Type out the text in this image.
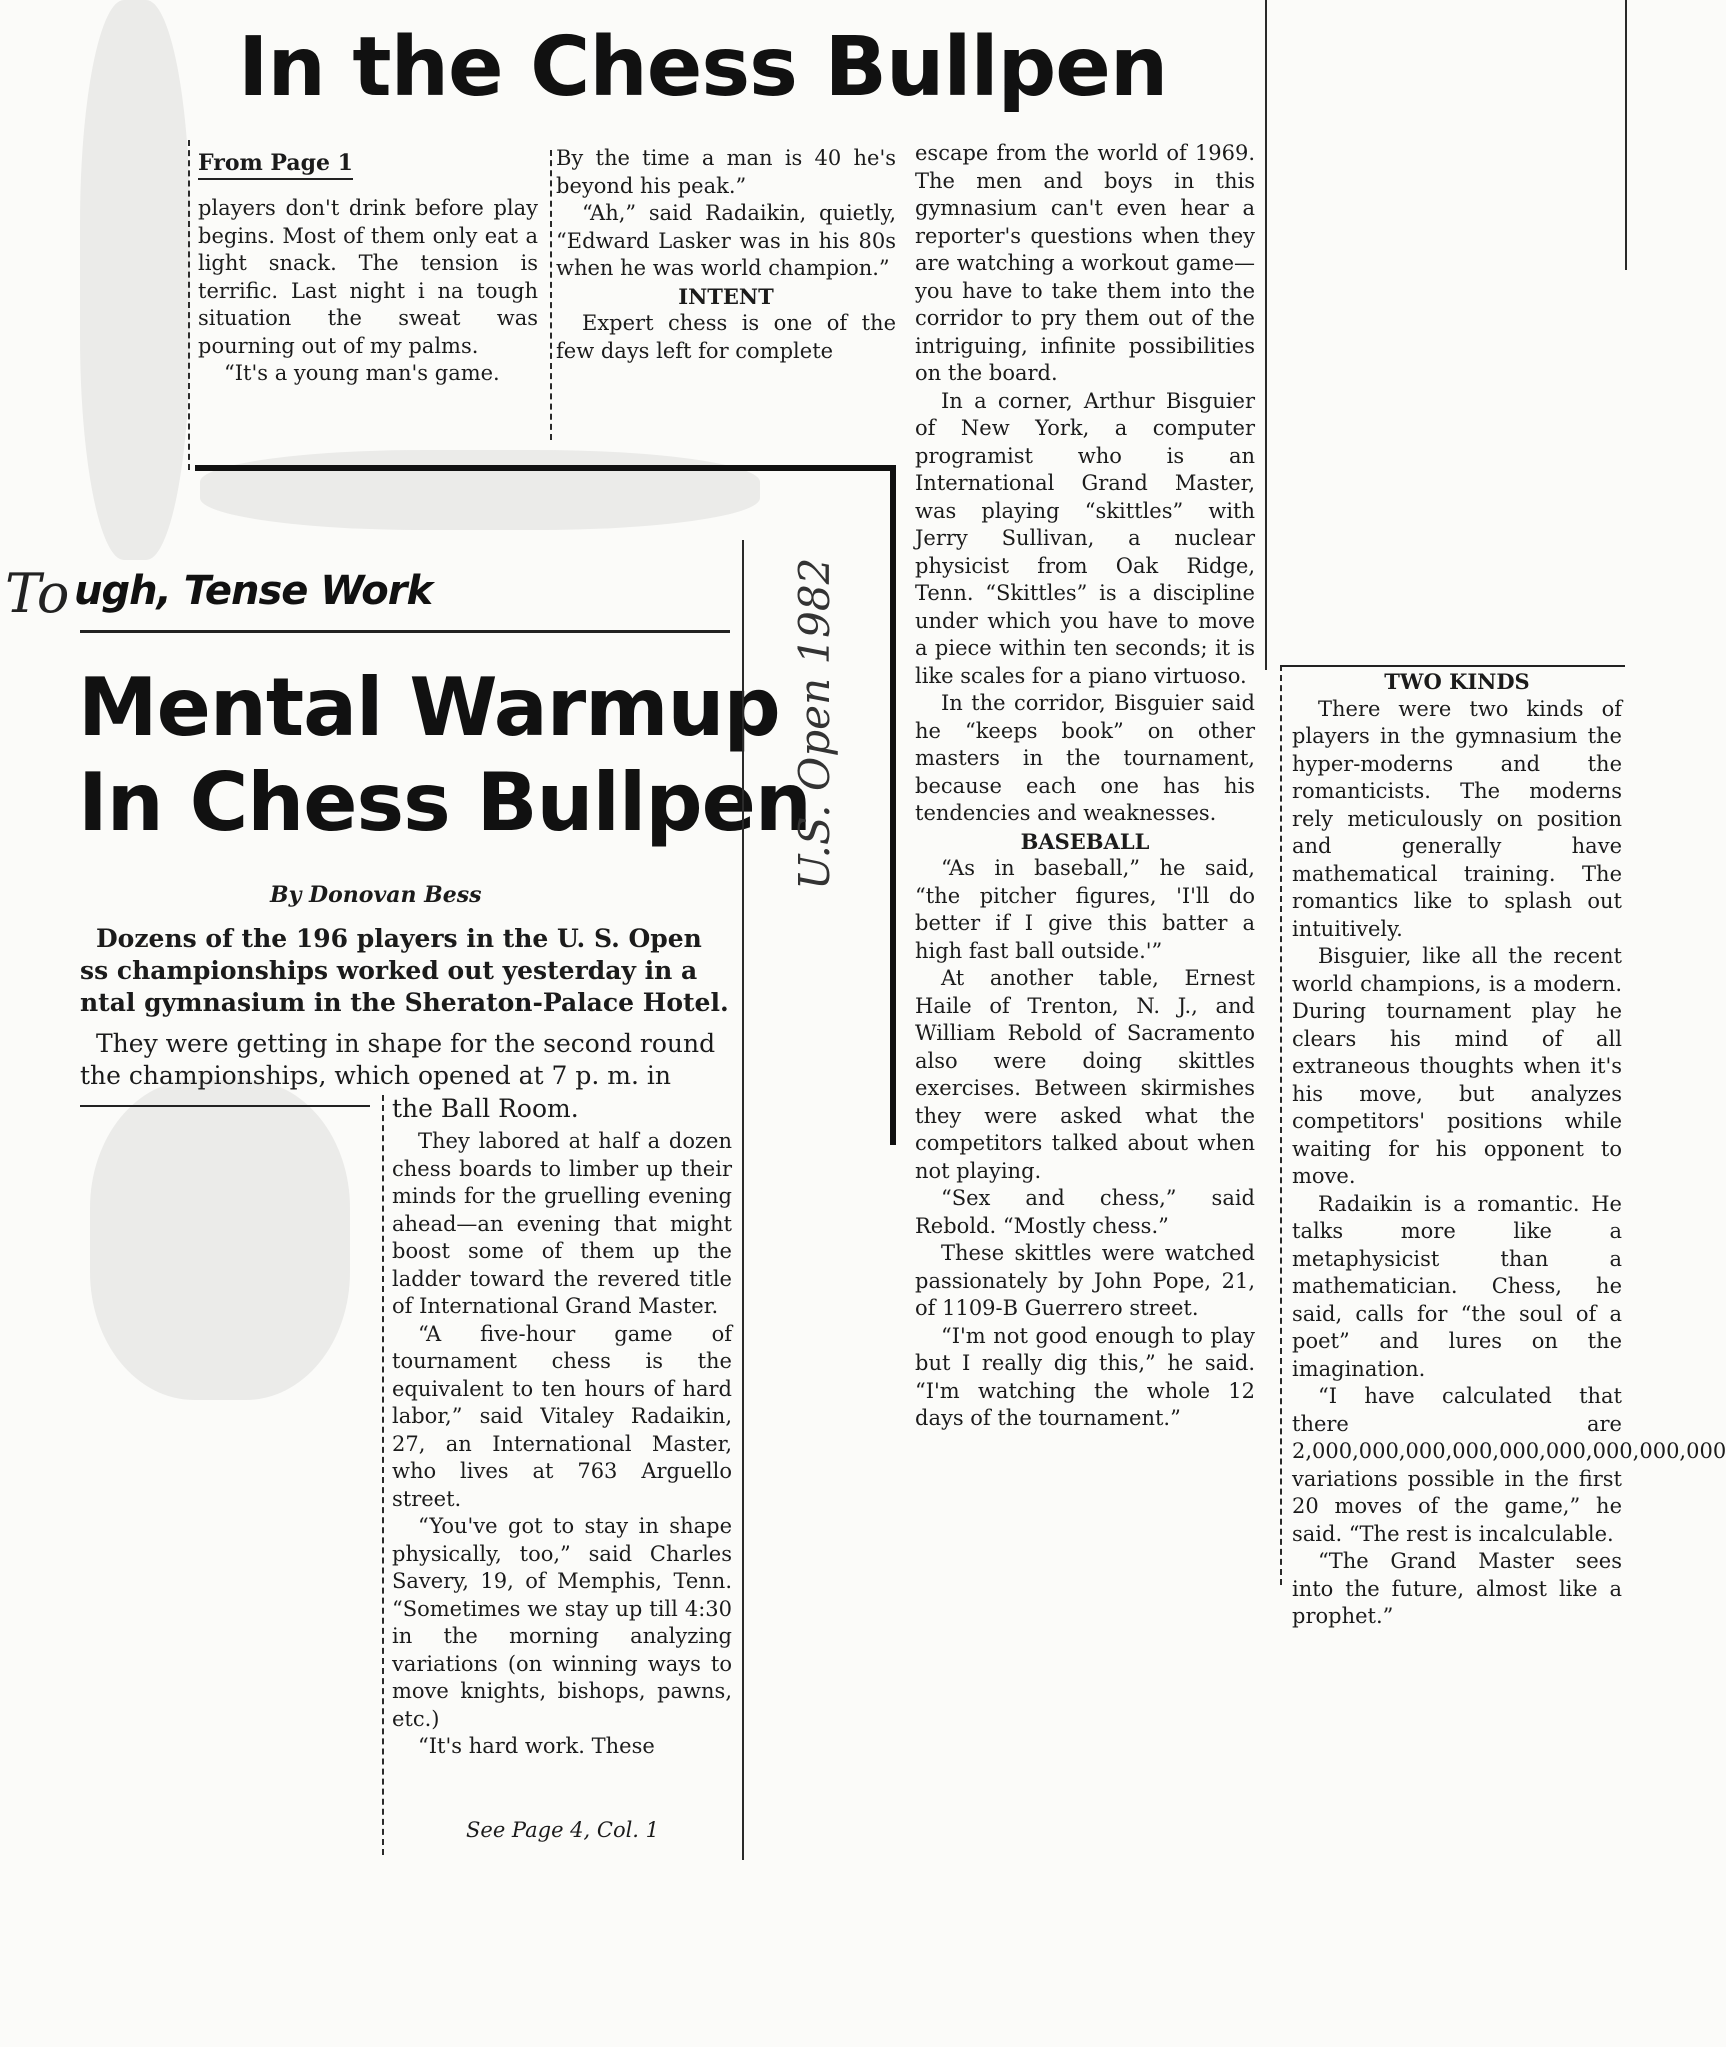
In the Chess Bullpen
From Page 1

players don't drink before play begins. Most of them only eat a light snack. The tension is terrific. Last night i na tough situation the sweat was pourning out of my palms.

“It's a young man's game.

By the time a man is 40 he's beyond his peak.”

“Ah,” said Radaikin, quietly, “Edward Lasker was in his 80s when he was world champion.”

INTENT

Expert chess is one of the few days left for complete

To ugh, Tense Work
Mental Warmup
In Chess Bullpen
By Donovan Bess
Dozens of the 196 players in the U. S. Open
ss championships worked out yesterday in a
ntal gymnasium in the Sheraton-Palace Hotel.
They were getting in shape for the second round
the championships, which opened at 7 p. m. in
the Ball Room.

They labored at half a dozen chess boards to limber up their minds for the gruelling evening ahead—an evening that might boost some of them up the ladder toward the revered title of International Grand Master.

“A five-hour game of tournament chess is the equivalent to ten hours of hard labor,” said Vitaley Radaikin, 27, an International Master, who lives at 763 Arguello street.

“You've got to stay in shape physically, too,” said Charles Savery, 19, of Memphis, Tenn. “Sometimes we stay up till 4:30 in the morning analyzing variations (on winning ways to move knights, bishops, pawns, etc.)

“It's hard work. These

See Page 4, Col. 1
U.S. Open 1982

escape from the world of 1969. The men and boys in this gymnasium can't even hear a reporter's questions when they are watching a workout game—you have to take them into the corridor to pry them out of the intriguing, infinite possibilities on the board.

In a corner, Arthur Bisguier of New York, a computer programist who is an International Grand Master, was playing “skittles” with Jerry Sullivan, a nuclear physicist from Oak Ridge, Tenn. “Skittles” is a discipline under which you have to move a piece within ten seconds; it is like scales for a piano virtuoso.

In the corridor, Bisguier said he “keeps book” on other masters in the tournament, because each one has his tendencies and weaknesses.

BASEBALL

“As in baseball,” he said, “the pitcher figures, 'I'll do better if I give this batter a high fast ball outside.'”

At another table, Ernest Haile of Trenton, N. J., and William Rebold of Sacramento also were doing skittles exercises. Between skirmishes they were asked what the competitors talked about when not playing.

“Sex and chess,” said Rebold. “Mostly chess.”

These skittles were watched passionately by John Pope, 21, of 1109-B Guerrero street.

“I'm not good enough to play but I really dig this,” he said. “I'm watching the whole 12 days of the tournament.”

TWO KINDS

There were two kinds of players in the gymnasium the hyper-moderns and the romanticists. The moderns rely meticulously on position and generally have mathematical training. The romantics like to splash out intuitively.

Bisguier, like all the recent world champions, is a modern. During tournament play he clears his mind of all extraneous thoughts when it's his move, but analyzes competitors' positions while waiting for his opponent to move.

Radaikin is a romantic. He talks more like a metaphysicist than a mathematician. Chess, he said, calls for “the soul of a poet” and lures on the imagination.

“I have calculated that there are 2,000,000,000,000,000,000,000,000,000 variations possible in the first 20 moves of the game,” he said. “The rest is incalculable.

“The Grand Master sees into the future, almost like a prophet.”
